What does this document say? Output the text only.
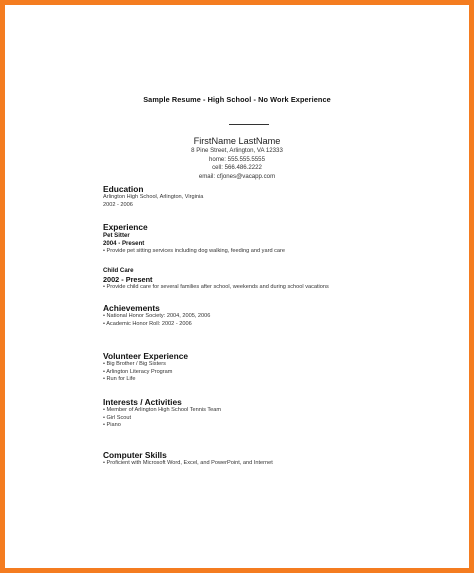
Sample Resume - High School - No Work Experience
FirstName LastName
8 Pine Street, Arlington, VA 12333
home: 555.555.5555
cell: 566.486.2222
email: cfjones@vacapp.com
Education
Arlington High School, Arlington, Virginia
2002 - 2006
Experience
Pet Sitter
2004 - Present
• Provide pet sitting services including dog walking, feeding and yard care
Child Care
2002 - Present
• Provide child care for several families after school, weekends and during school vacations
Achievements
• National Honor Society: 2004, 2005, 2006
• Academic Honor Roll: 2002 - 2006
Volunteer Experience
• Big Brother / Big Sisters
• Arlington Literacy Program
• Run for Life
Interests / Activities
• Member of Arlington High School Tennis Team
• Girl Scout
• Piano
Computer Skills
• Proficient with Microsoft Word, Excel, and PowerPoint, and Internet
